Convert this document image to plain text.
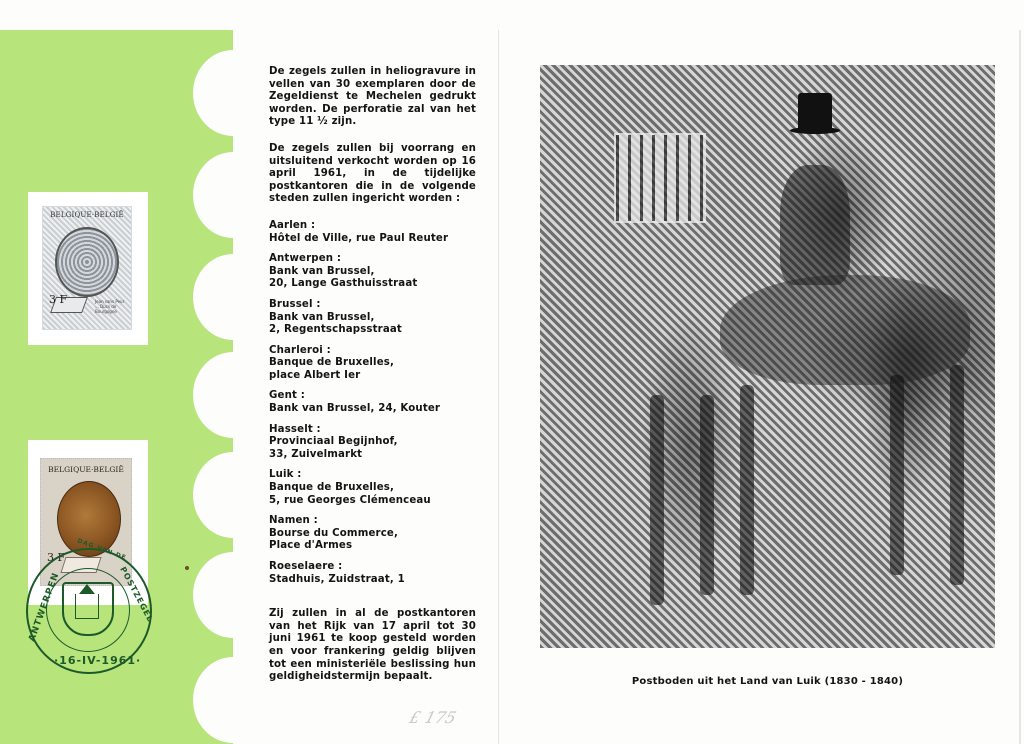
BELGIQUE·BELGIË
3 F	Jean sans Peur ... Ducs de Bourgogne
BELGIQUE·BELGIË
3 F DAG VAN DE
ANTWERPEN	POSTZEGEL
·16-IV-1961·

De zegels zullen in heliogravure in vellen van 30 exemplaren door de Zegeldienst te Mechelen gedrukt worden. De perforatie zal van het type 11 ½ zijn.

De zegels zullen bij voorrang en uitsluitend verkocht worden op 16 april 1961, in de tijdelijke postkantoren die in de volgende steden zullen ingericht worden :

Aarlen :
Hôtel de Ville, rue Paul Reuter
Antwerpen :
Bank van Brussel,
20, Lange Gasthuisstraat
Brussel :
Bank van Brussel,
2, Regentschapsstraat
Charleroi :
Banque de Bruxelles,
place Albert Ier
Gent :
Bank van Brussel, 24, Kouter
Hasselt :
Provinciaal Begijnhof,
33, Zuivelmarkt
Luik :
Banque de Bruxelles,
5, rue Georges Clémenceau
Namen :
Bourse du Commerce,
Place d'Armes
Roeselaere :
Stadhuis, Zuidstraat, 1

Zij zullen in al de postkantoren van het Rijk van 17 april tot 30 juni 1961 te koop gesteld worden en voor frankering geldig blijven tot een ministeriële beslissing hun geldigheidstermijn bepaalt.

£ 175
Postboden uit het Land van Luik (1830 - 1840)
